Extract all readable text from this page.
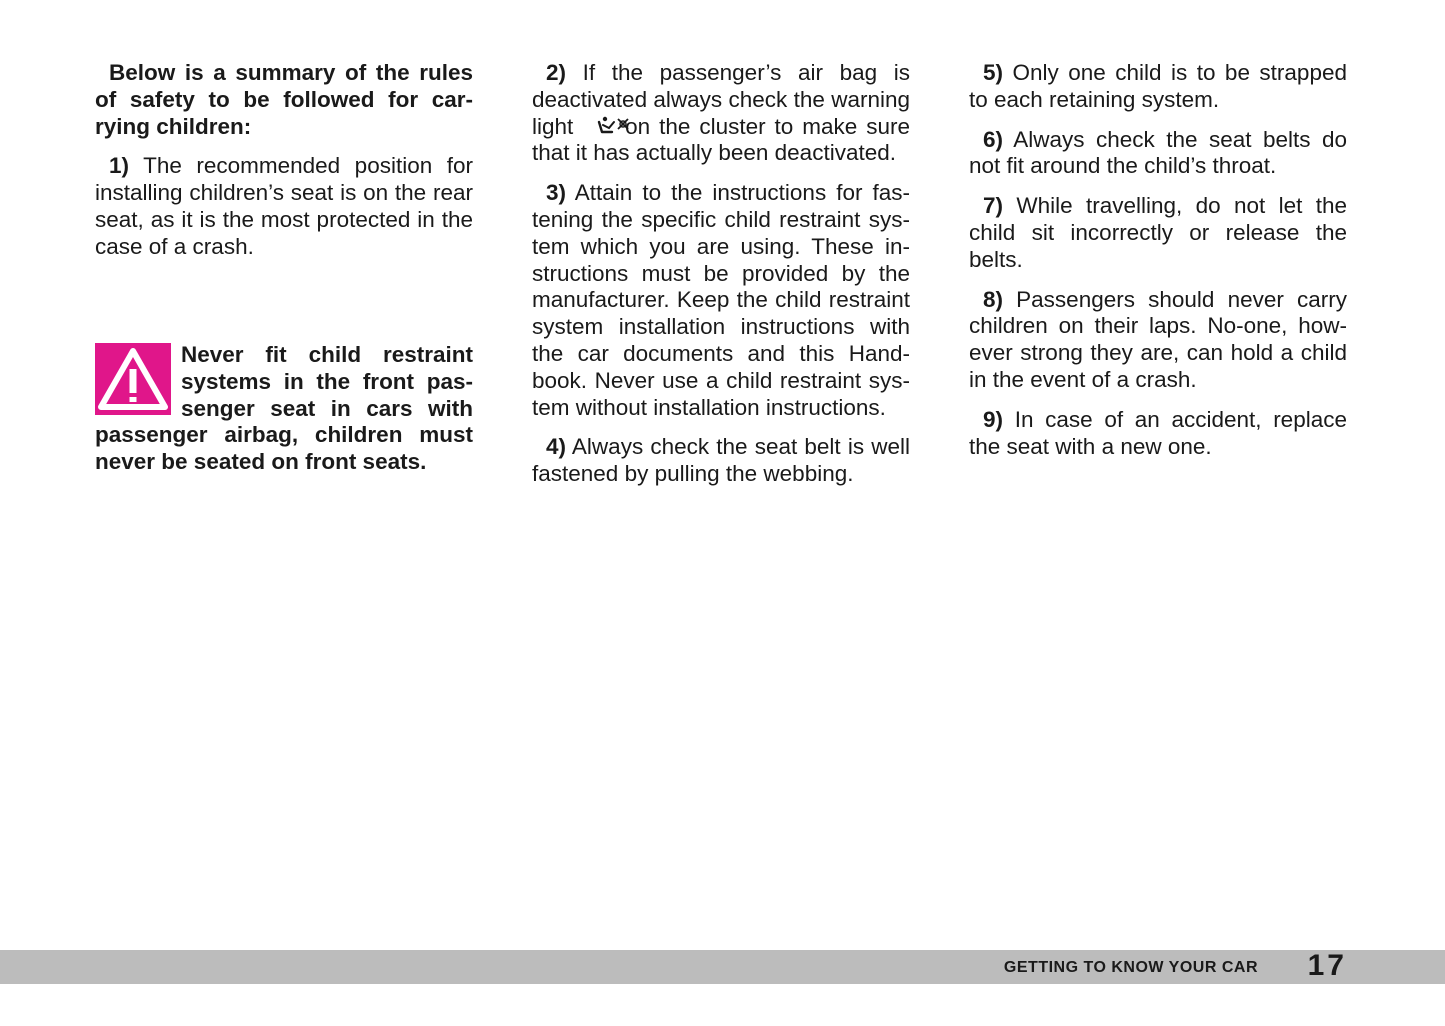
Below is a summary of the rules of safety to be followed for carrying children:

1) The recommended position for installing children’s seat is on the rear seat, as it is the most protected in the case of a crash.

Never fit child restraint systems in the front passenger seat in cars with passenger airbag, children must never be seated on front seats.

2) If the passenger’s air bag is deactivated always check the warning light  on the cluster to make sure that it has actually been deactivated.

3) Attain to the instructions for fastening the specific child restraint system which you are using. These instructions must be provided by the manufacturer. Keep the child restraint system installation instructions with the car documents and this Handbook. Never use a child restraint system without installation instructions.

4) Always check the seat belt is well fastened by pulling the webbing.

5) Only one child is to be strapped to each retaining system.

6) Always check the seat belts do not fit around the child’s throat.

7) While travelling, do not let the child sit incorrectly or release the belts.

8) Passengers should never carry children on their laps. No-one, however strong they are, can hold a child in the event of a crash.

9) In case of an accident, replace the seat with a new one.

GETTING TO KNOW YOUR CAR 17
